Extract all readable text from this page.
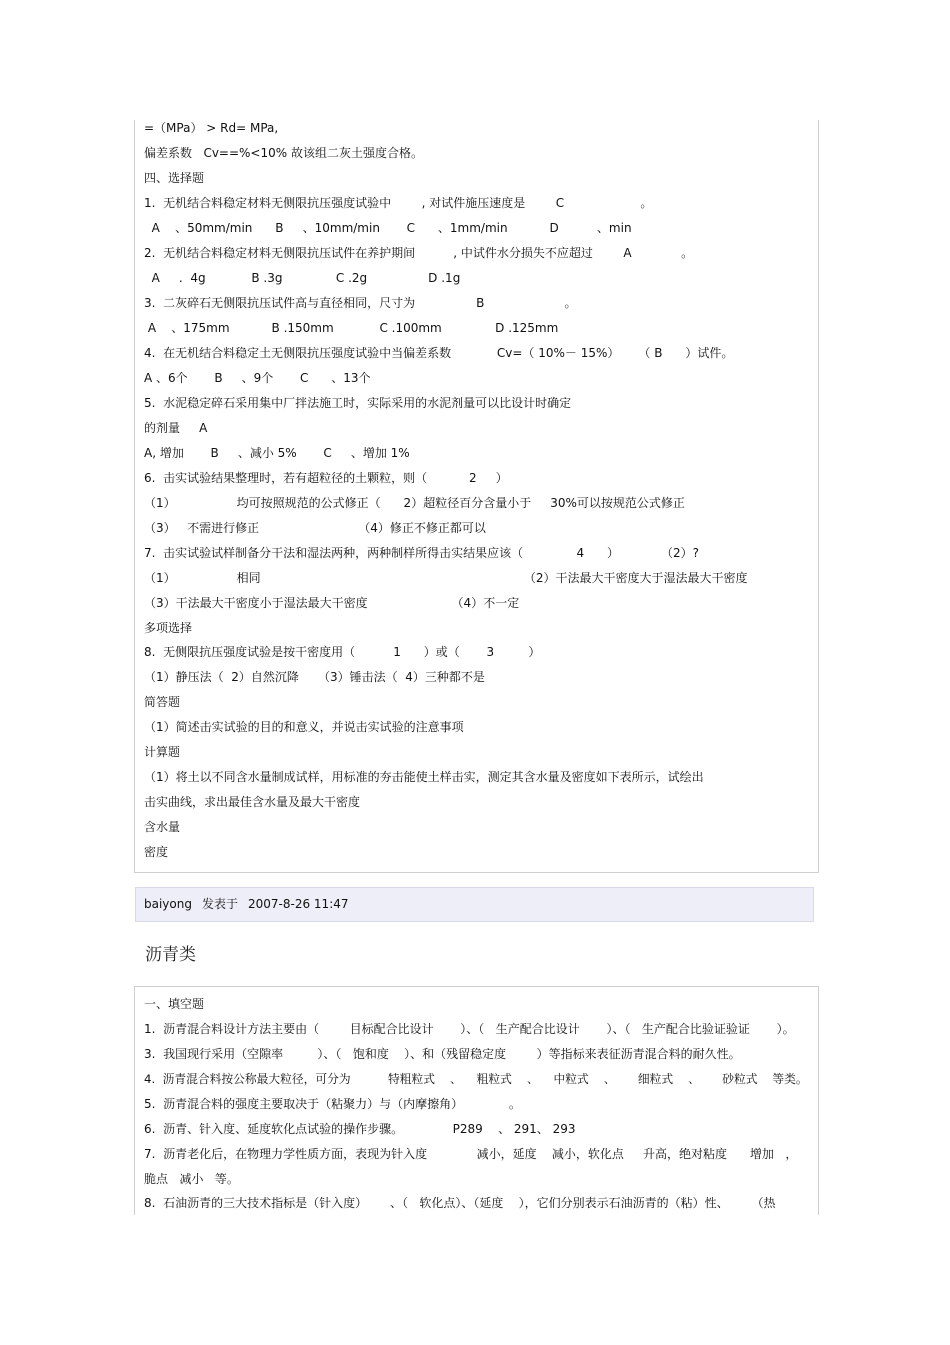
=（MPa） > Rd= MPa,
偏差系数   Cv==%<10% 故该组二灰土强度合格。
四、选择题
1.  无机结合料稳定材料无侧限抗压强度试验中        , 对试件施压速度是        C                    。
A    、50mm/min      B     、10mm/min       C      、1mm/min           D          、min
2.  无机结合料稳定材料无侧限抗压试件在养护期间          , 中试件水分损失不应超过        A             。
A     .  4g            B .3g              C .2g                D .1g
3.  二灰碎石无侧限抗压试件高与直径相同，尺寸为                B                     。
A    、175mm           B .150mm            C .100mm              D .125mm
4.  在无机结合料稳定土无侧限抗压强度试验中当偏差系数            Cv=（ 10%－ 15%）     （ B      ）试件。
A 、6个       B     、9个       C      、13个
5.  水泥稳定碎石采用集中厂拌法施工时，实际采用的水泥剂量可以比设计时确定
的剂量     A
A, 增加       B     、减小 5%       C     、增加 1%
6.  击实试验结果整理时，若有超粒径的土颗粒，则（           2     ）
（1）                均可按照规范的公式修正（      2）超粒径百分含量小于     30%可以按规范公式修正
（3）   不需进行修正                          （4）修正不修正都可以
7.  击实试验试样制备分干法和湿法两种，两种制样所得击实结果应该（              4      ）           （2）?
（1）                相同                                                                     （2）干法最大干密度大于湿法最大干密度
（3）干法最大干密度小于湿法最大干密度                      （4）不一定
多项选择
8.  无侧限抗压强度试验是按干密度用（          1      ）或（       3         ）
（1）静压法（  2）自然沉降     （3）锤击法（  4）三种都不是
简答题
（1）简述击实试验的目的和意义，并说击实试验的注意事项
计算题
（1）将土以不同含水量制成试样，用标准的夯击能使土样击实，测定其含水量及密度如下表所示，试绘出
击实曲线，求出最佳含水量及最大干密度
含水量
密度
baiyong 发表于 2007-8-26 11:47
沥青类
一、填空题
1.  沥青混合料设计方法主要由（        目标配合比设计       ）、（   生产配合比设计       ）、（   生产配合比验证验证       ）。
3.  我国现行采用（空隙率         ）、（   饱和度    ）、和（残留稳定度        ）等指标来表征沥青混合料的耐久性。
4.  沥青混合料按公称最大粒径，可分为          特粗粒式    、    粗粒式    、    中粒式    、      细粒式    、      砂粒式    等类。
5.  沥青混合料的强度主要取决于（粘聚力）与（内摩擦角）            。
6.  沥青、针入度、延度软化点试验的操作步骤。             P289    、 291、 293
7.  沥青老化后，在物理力学性质方面，表现为针入度             减小，延度    减小，软化点     升高，绝对粘度      增加   ，
脆点   减小   等。
8.  石油沥青的三大技术指标是（针入度）      、（   软化点）、（延度    ），它们分别表示石油沥青的（粘）性、      （热
